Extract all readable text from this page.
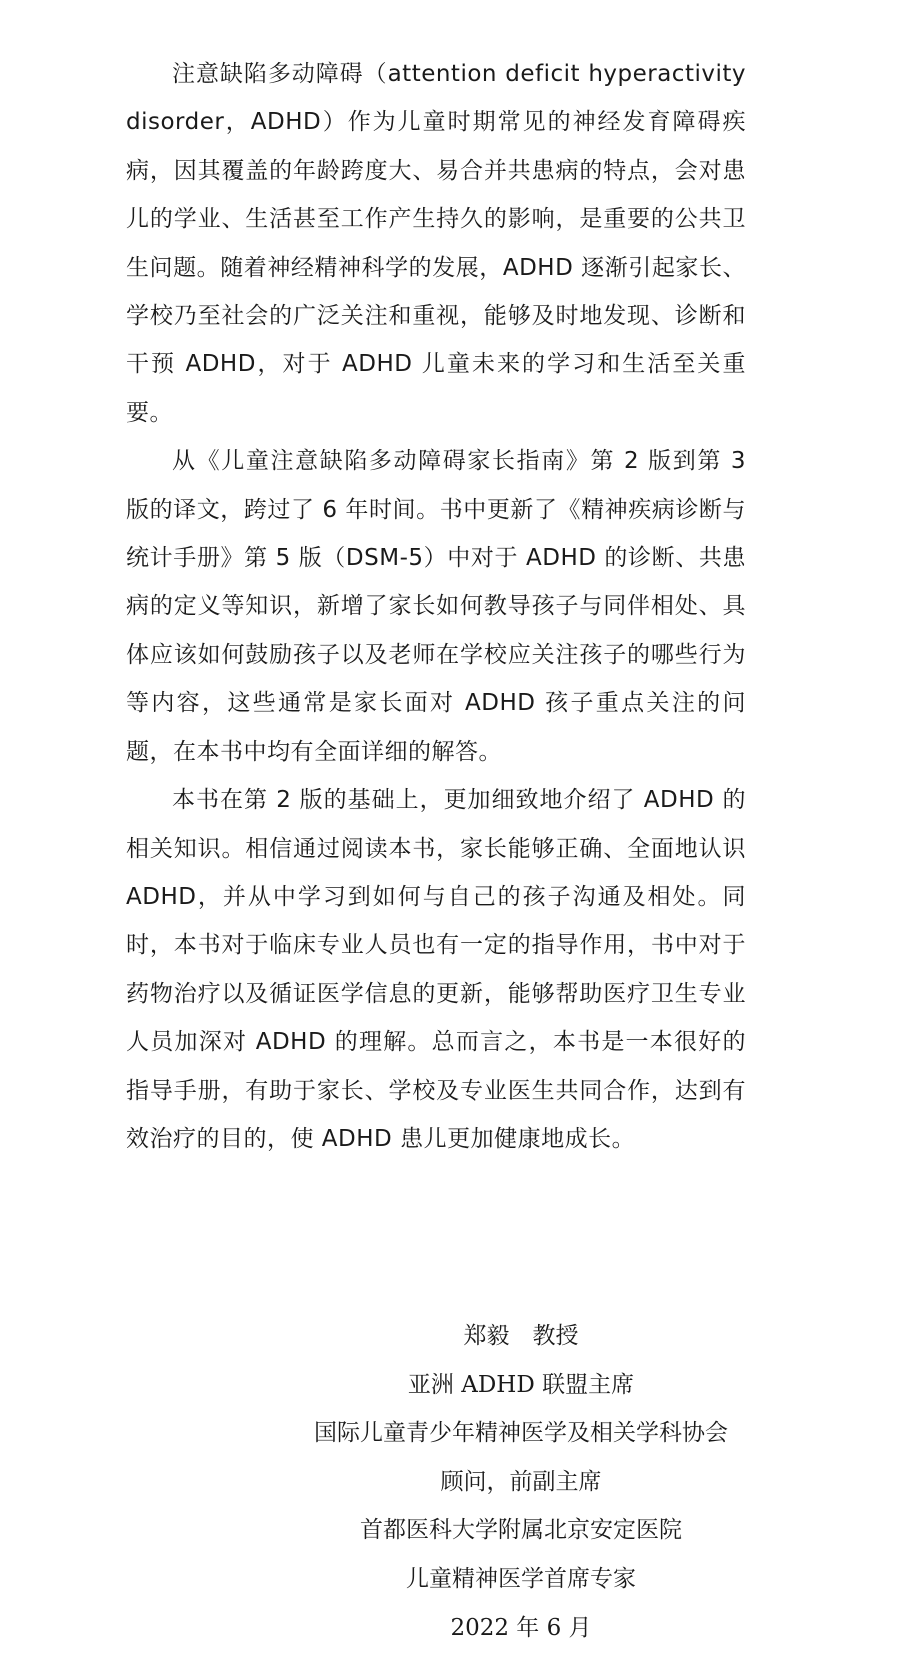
注意缺陷多动障碍（attention deficit hyperactivity disorder，ADHD）作为儿童时期常见的神经发育障碍疾病，因其覆盖的年龄跨度大、易合并共患病的特点，会对患儿的学业、生活甚至工作产生持久的影响，是重要的公共卫生问题。随着神经精神科学的发展，ADHD 逐渐引起家长、学校乃至社会的广泛关注和重视，能够及时地发现、诊断和干预 ADHD，对于 ADHD 儿童未来的学习和生活至关重要。

从《儿童注意缺陷多动障碍家长指南》第 2 版到第 3 版的译文，跨过了 6 年时间。书中更新了《精神疾病诊断与统计手册》第 5 版（DSM-5）中对于 ADHD 的诊断、共患病的定义等知识，新增了家长如何教导孩子与同伴相处、具体应该如何鼓励孩子以及老师在学校应关注孩子的哪些行为等内容，这些通常是家长面对 ADHD 孩子重点关注的问题，在本书中均有全面详细的解答。

本书在第 2 版的基础上，更加细致地介绍了 ADHD 的相关知识。相信通过阅读本书，家长能够正确、全面地认识 ADHD，并从中学习到如何与自己的孩子沟通及相处。同时，本书对于临床专业人员也有一定的指导作用，书中对于药物治疗以及循证医学信息的更新，能够帮助医疗卫生专业人员加深对 ADHD 的理解。总而言之，本书是一本很好的指导手册，有助于家长、学校及专业医生共同合作，达到有效治疗的目的，使 ADHD 患儿更加健康地成长。

郑毅　教授
亚洲 ADHD 联盟主席
国际儿童青少年精神医学及相关学科协会
顾问，前副主席
首都医科大学附属北京安定医院
儿童精神医学首席专家
2022 年 6 月
